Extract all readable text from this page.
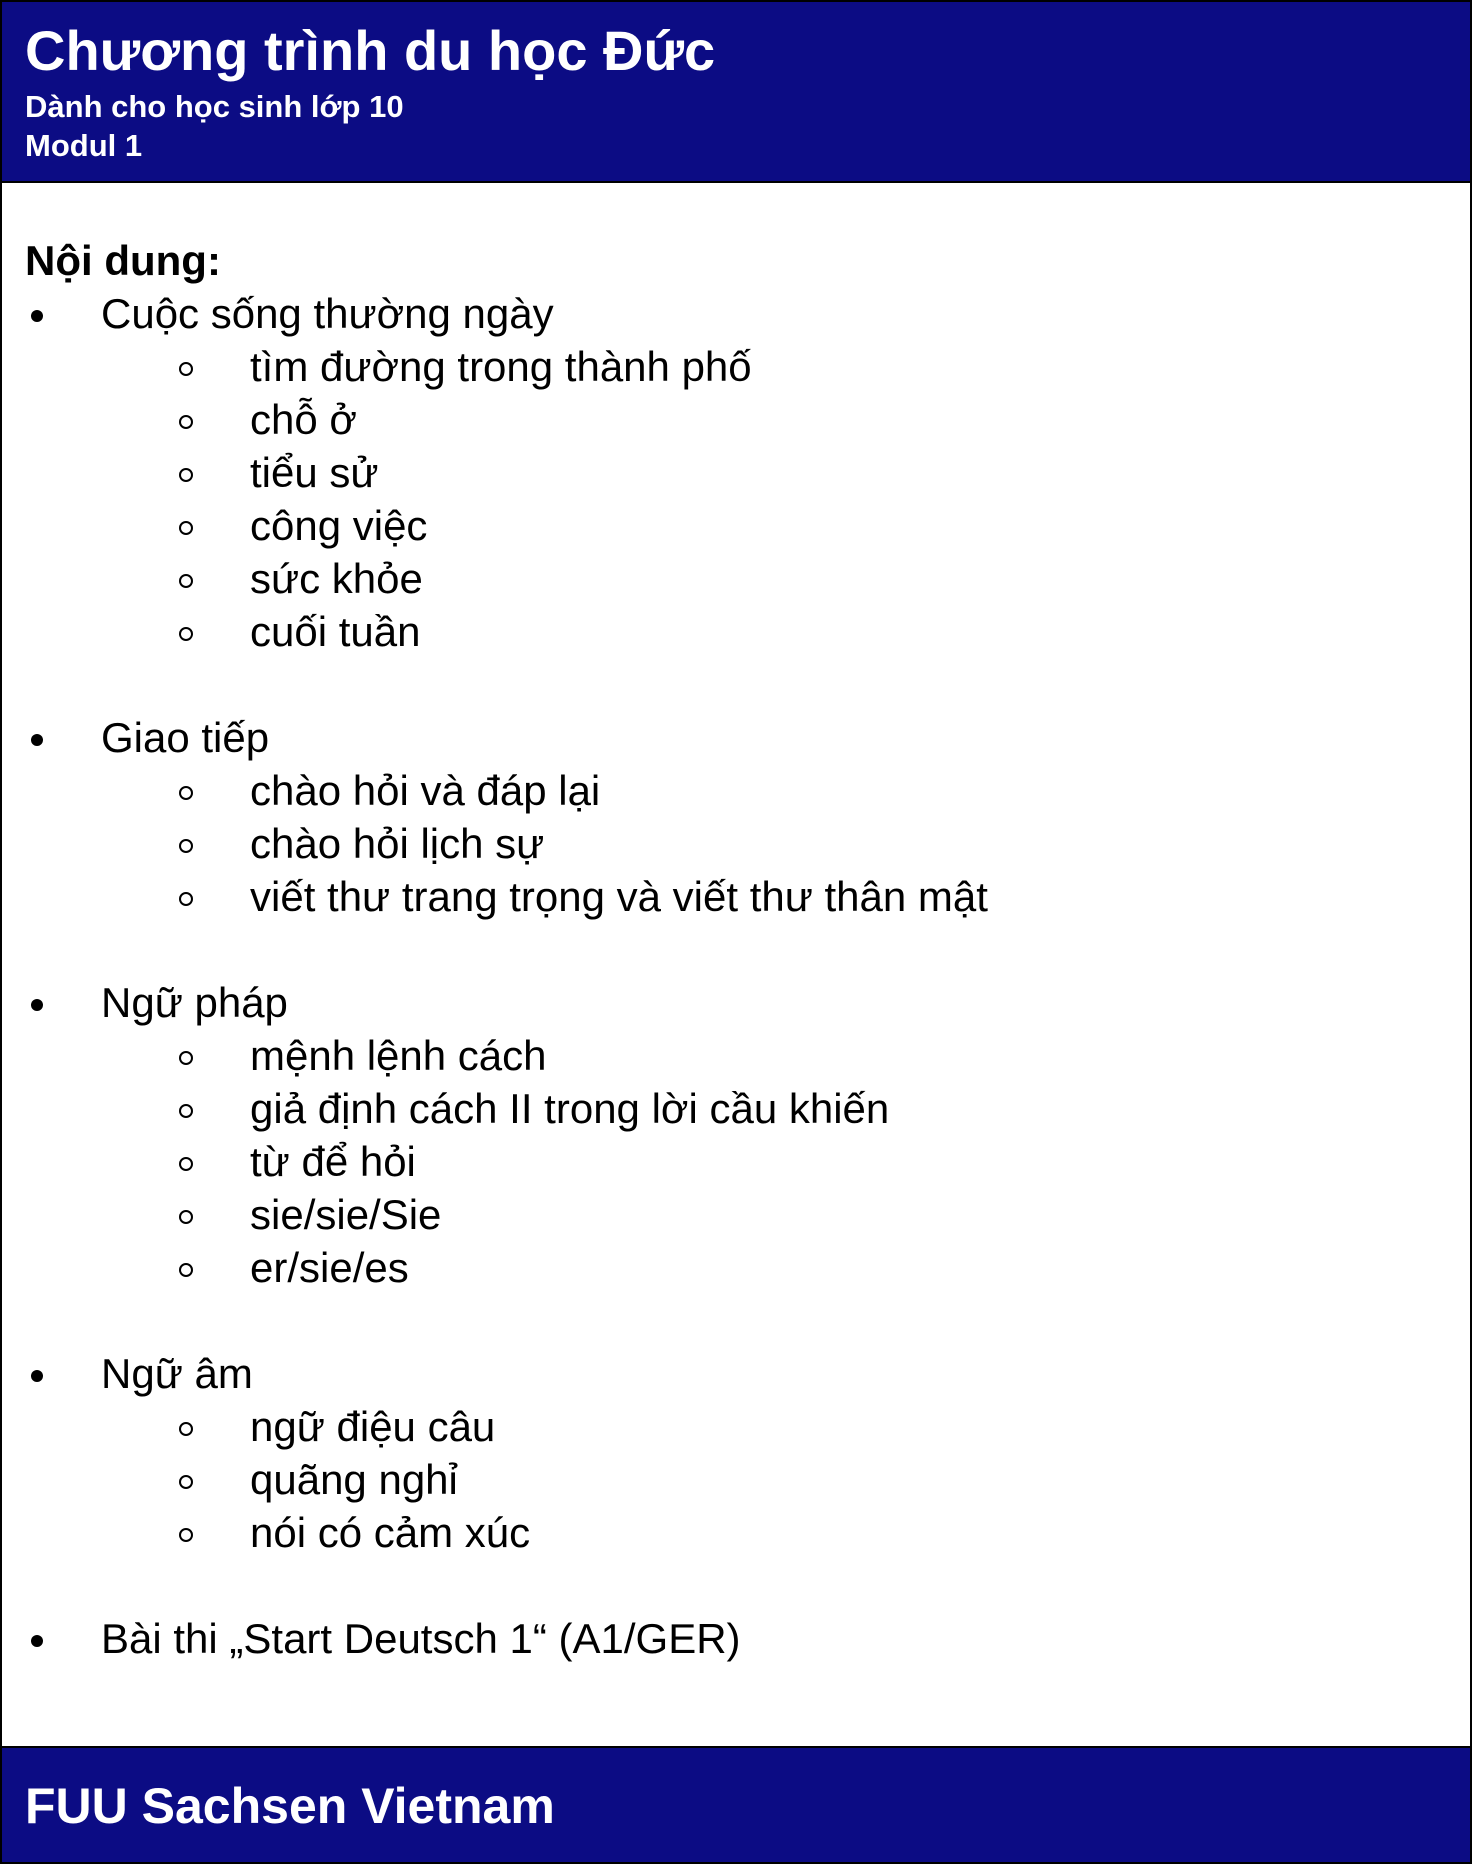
Chương trình du học Đức
Dành cho học sinh lớp 10
Modul 1
Nội dung:
Cuộc sống thường ngày
tìm đường trong thành phố
chỗ ở
tiểu sử
công việc
sức khỏe
cuối tuần
Giao tiếp
chào hỏi và đáp lại
chào hỏi lịch sự
viết thư trang trọng và viết thư thân mật
Ngữ pháp
mệnh lệnh cách
giả định cách II trong lời cầu khiến
từ để hỏi
sie/sie/Sie
er/sie/es
Ngữ âm
ngữ điệu câu
quãng nghỉ
nói có cảm xúc
Bài thi „Start Deutsch 1“ (A1/GER)
FUU Sachsen Vietnam
